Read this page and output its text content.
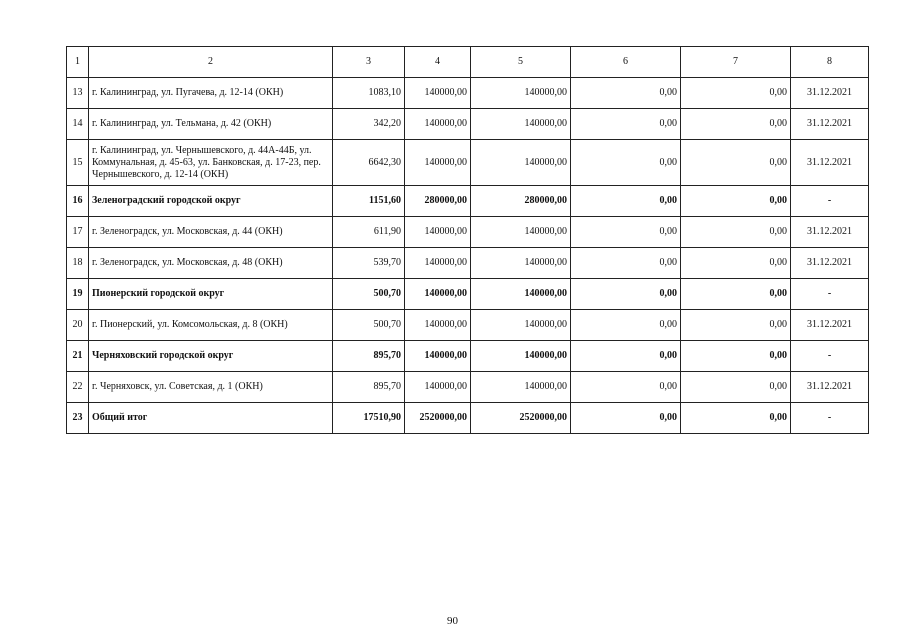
1	2	3	4	5	6	7	8
13	г. Калининград, ул. Пугачева, д. 12-14 (ОКН)	1083,10	140000,00	140000,00	0,00	0,00	31.12.2021
14	г. Калининград, ул. Тельмана, д. 42 (ОКН)	342,20	140000,00	140000,00	0,00	0,00	31.12.2021
15	г. Калининград, ул. Чернышевского, д. 44А-44Б, ул. Коммунальная, д. 45-63, ул. Банковская, д. 17-23, пер. Чернышевского, д. 12-14 (ОКН)	6642,30	140000,00	140000,00	0,00	0,00	31.12.2021
16	Зеленоградский городской округ	1151,60	280000,00	280000,00	0,00	0,00	-
17	г. Зеленоградск, ул. Московская, д. 44 (ОКН)	611,90	140000,00	140000,00	0,00	0,00	31.12.2021
18	г. Зеленоградск, ул. Московская, д. 48 (ОКН)	539,70	140000,00	140000,00	0,00	0,00	31.12.2021
19	Пионерский городской округ	500,70	140000,00	140000,00	0,00	0,00	-
20	г. Пионерский, ул. Комсомольская, д. 8 (ОКН)	500,70	140000,00	140000,00	0,00	0,00	31.12.2021
21	Черняховский городской округ	895,70	140000,00	140000,00	0,00	0,00	-
22	г. Черняховск, ул. Советская, д. 1 (ОКН)	895,70	140000,00	140000,00	0,00	0,00	31.12.2021
23	Общий итог	17510,90	2520000,00	2520000,00	0,00	0,00	-
90
